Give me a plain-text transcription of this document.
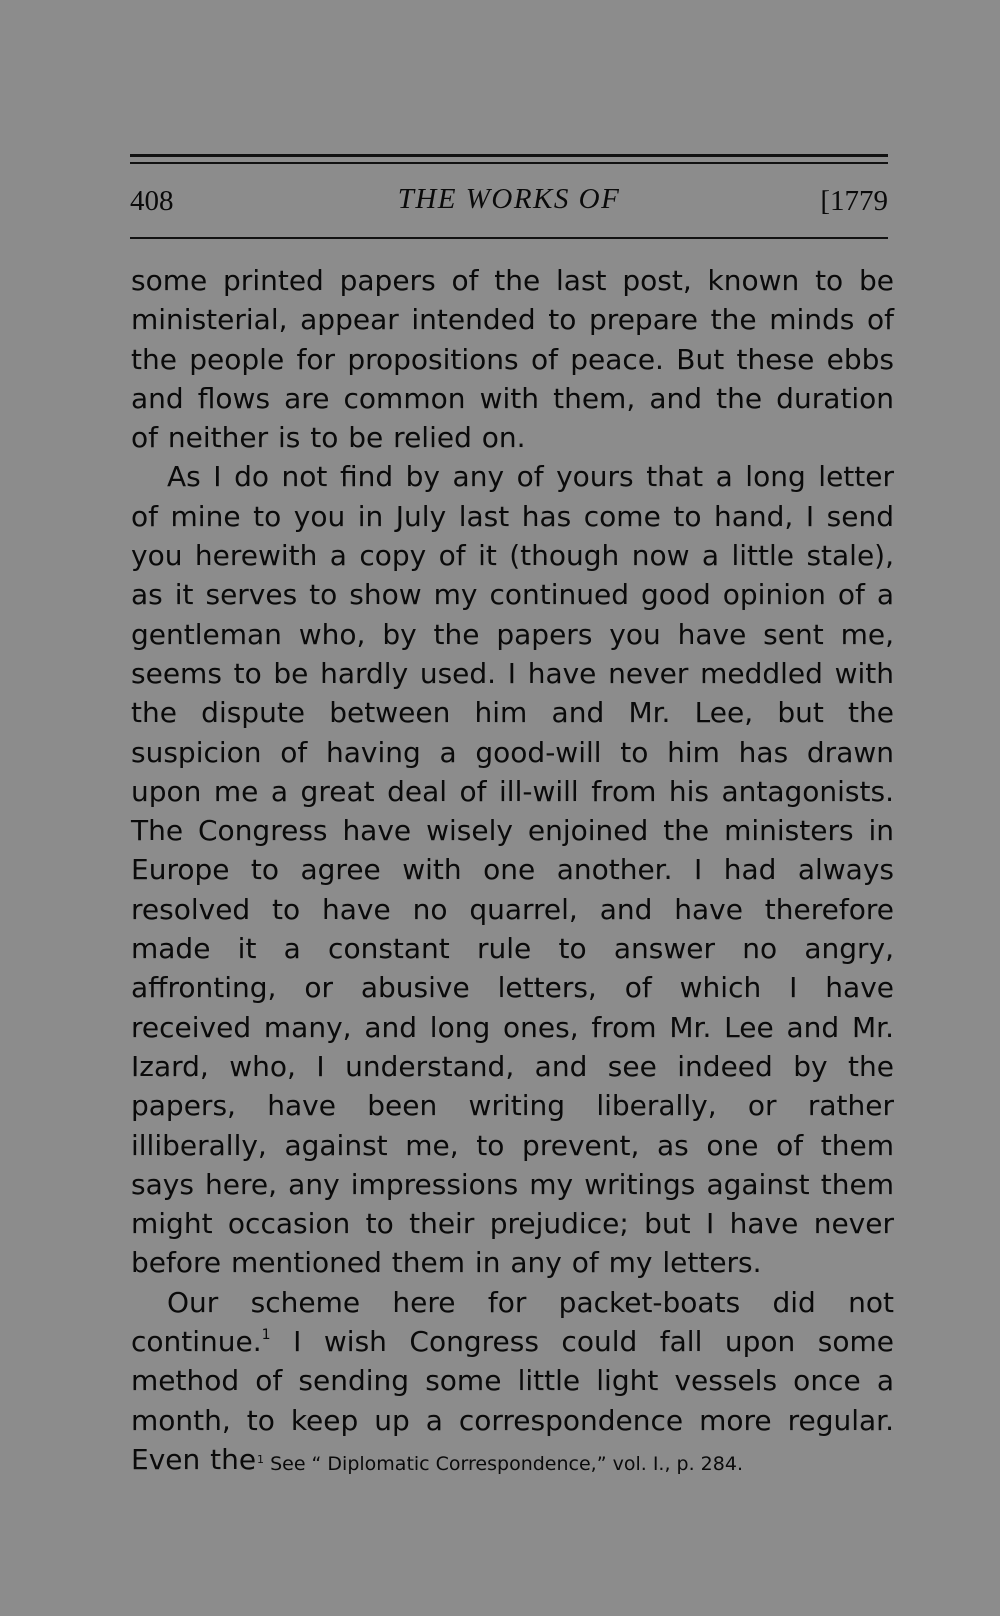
408	THE WORKS OF	[1779

some printed papers of the last post, known to be ministerial, appear intended to prepare the minds of the people for propositions of peace. But these ebbs and flows are common with them, and the duration of neither is to be relied on.

As I do not find by any of yours that a long letter of mine to you in July last has come to hand, I send you herewith a copy of it (though now a little stale), as it serves to show my continued good opinion of a gentleman who, by the papers you have sent me, seems to be hardly used. I have never meddled with the dispute between him and Mr. Lee, but the suspicion of having a good-will to him has drawn upon me a great deal of ill-will from his antagonists. The Congress have wisely enjoined the ministers in Europe to agree with one another. I had always resolved to have no quarrel, and have therefore made it a constant rule to answer no angry, affronting, or abusive letters, of which I have received many, and long ones, from Mr. Lee and Mr. Izard, who, I understand, and see indeed by the papers, have been writing liberally, or rather illiberally, against me, to prevent, as one of them says here, any impressions my writings against them might occasion to their prejudice; but I have never before mentioned them in any of my letters.

Our scheme here for packet-boats did not continue.$^1$ I wish Congress could fall upon some method of sending some little light vessels once a month, to keep up a correspondence more regular. Even the $^1$ See “ Diplomatic Correspondence,” vol. I., p. 284.
